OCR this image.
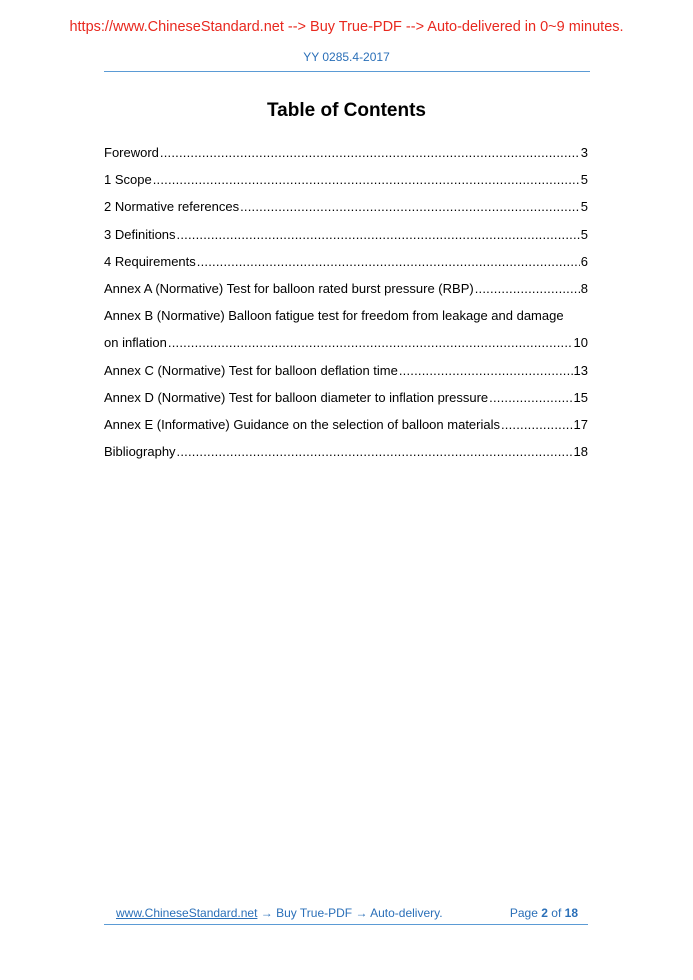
https://www.ChineseStandard.net --> Buy True-PDF --> Auto-delivered in 0~9 minutes.
YY 0285.4-2017
Table of Contents
Foreword .....	3
1 Scope .....	5
2 Normative references .....	5
3 Definitions .....	5
4 Requirements .....	6
Annex A (Normative) Test for balloon rated burst pressure (RBP) .....	8
Annex B (Normative) Balloon fatigue test for freedom from leakage and damage
on inflation .....	10
Annex C (Normative) Test for balloon deflation time .....	13
Annex D (Normative) Test for balloon diameter to inflation pressure .....	15
Annex E (Informative) Guidance on the selection of balloon materials .....	17
Bibliography .....	18
www.ChineseStandard.net → Buy True-PDF → Auto-delivery.	Page 2 of 18
